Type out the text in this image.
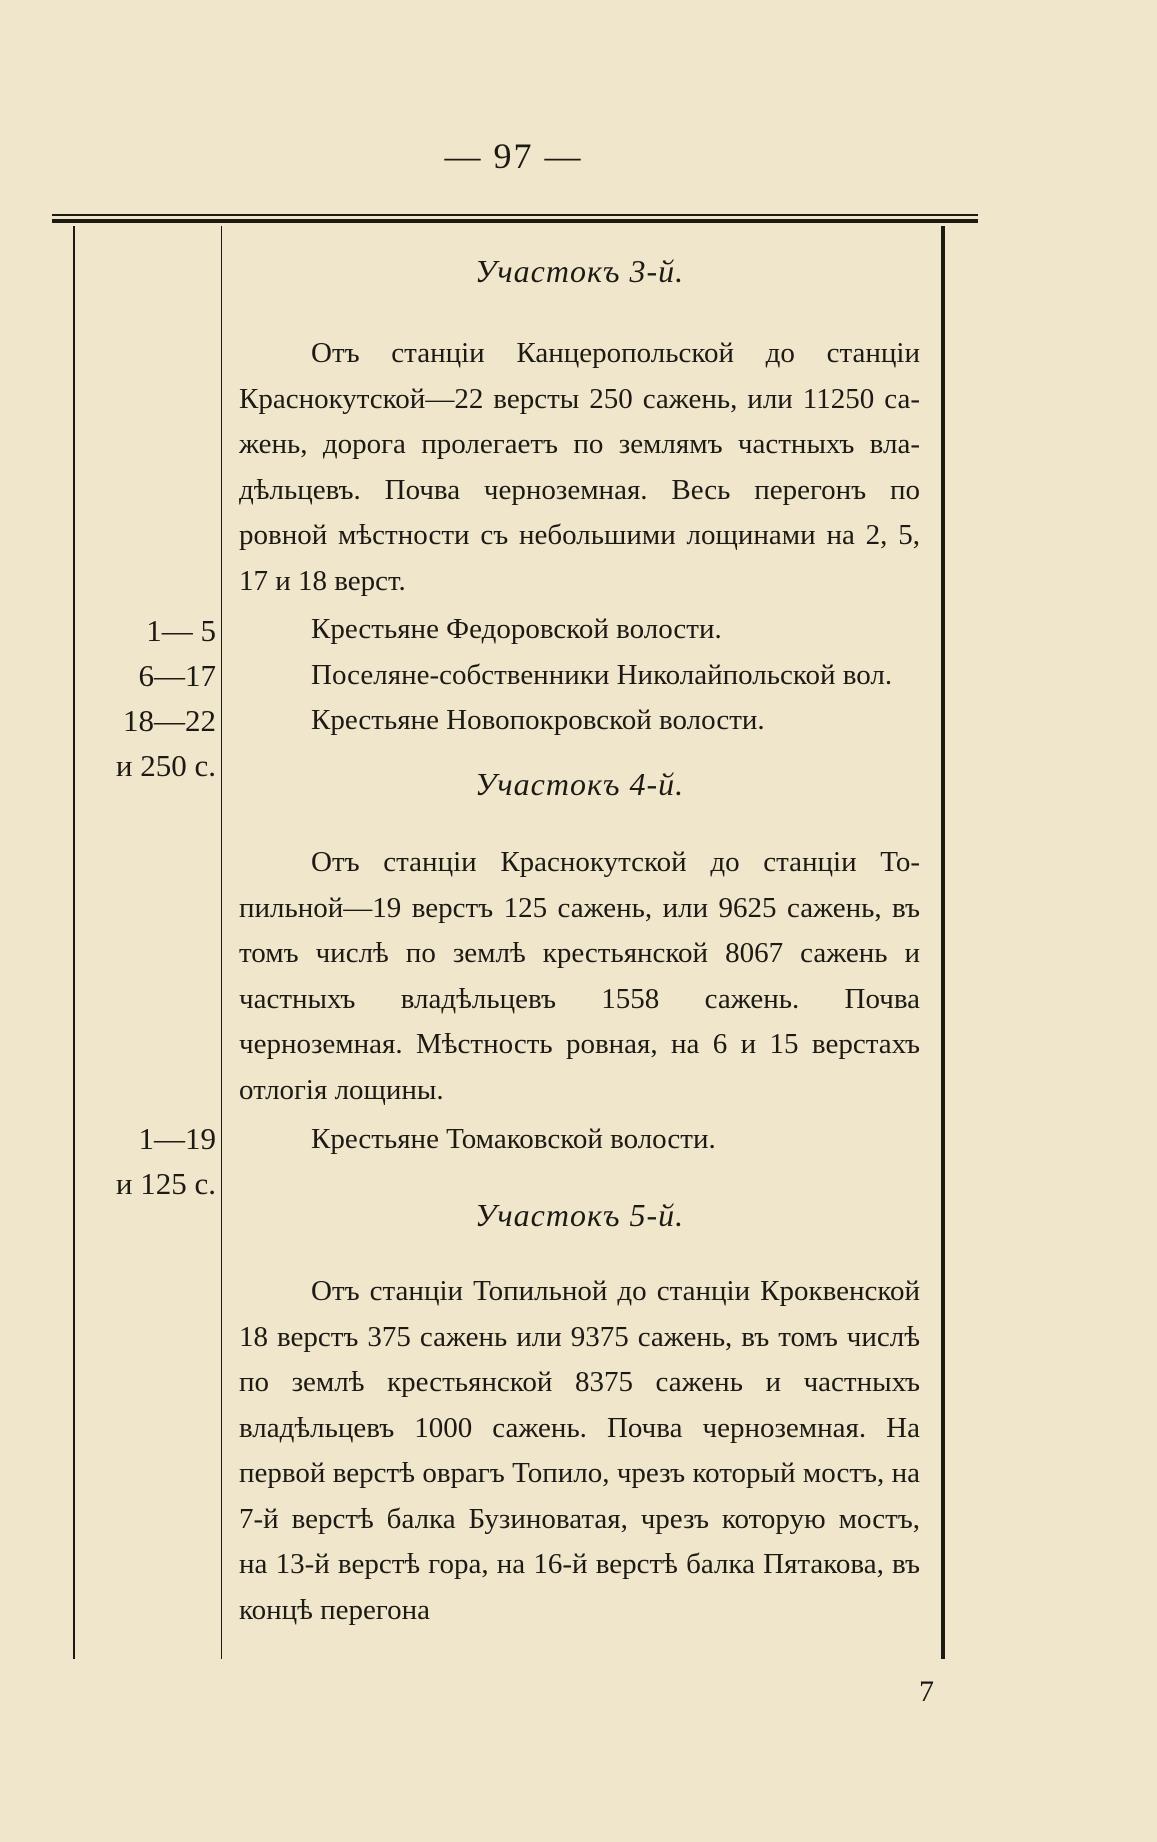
— 97 —
Участокъ 3-й.

Отъ станціи Канцеропольской до станціи Краснокутской—22 версты 250 сажень, или 11250 сажень, дорога пролегаетъ по землямъ частныхъ владѣльцевъ. Почва черноземная. Весь перегонъ по ровной мѣстности съ небольшими лощинами на 2, 5, 17 и 18 верст.

Крестьяне Федоровской волости.
Поселяне-собственники Николайпольской вол.
Крестьяне Новопокровской волости.
1— 5
6—17
18—22
и 250 с.
Участокъ 4-й.

Отъ станціи Краснокутской до станціи Топильной—19 верстъ 125 сажень, или 9625 сажень, въ томъ числѣ по землѣ крестьянской 8067 сажень и частныхъ владѣльцевъ 1558 сажень. Почва черноземная. Мѣстность ровная, на 6 и 15 верстахъ отлогія лощины.

Крестьяне Томаковской волости.
1—19
и 125 с.
Участокъ 5-й.

Отъ станціи Топильной до станціи Кроквенской 18 верстъ 375 сажень или 9375 сажень, въ томъ числѣ по землѣ крестьянской 8375 сажень и частныхъ владѣльцевъ 1000 сажень. Почва черноземная. На первой верстѣ оврагъ Топило, чрезъ который мостъ, на 7-й верстѣ балка Бузиноватая, чрезъ которую мостъ, на 13-й верстѣ гора, на 16-й верстѣ балка Пятакова, въ концѣ перегона

7
